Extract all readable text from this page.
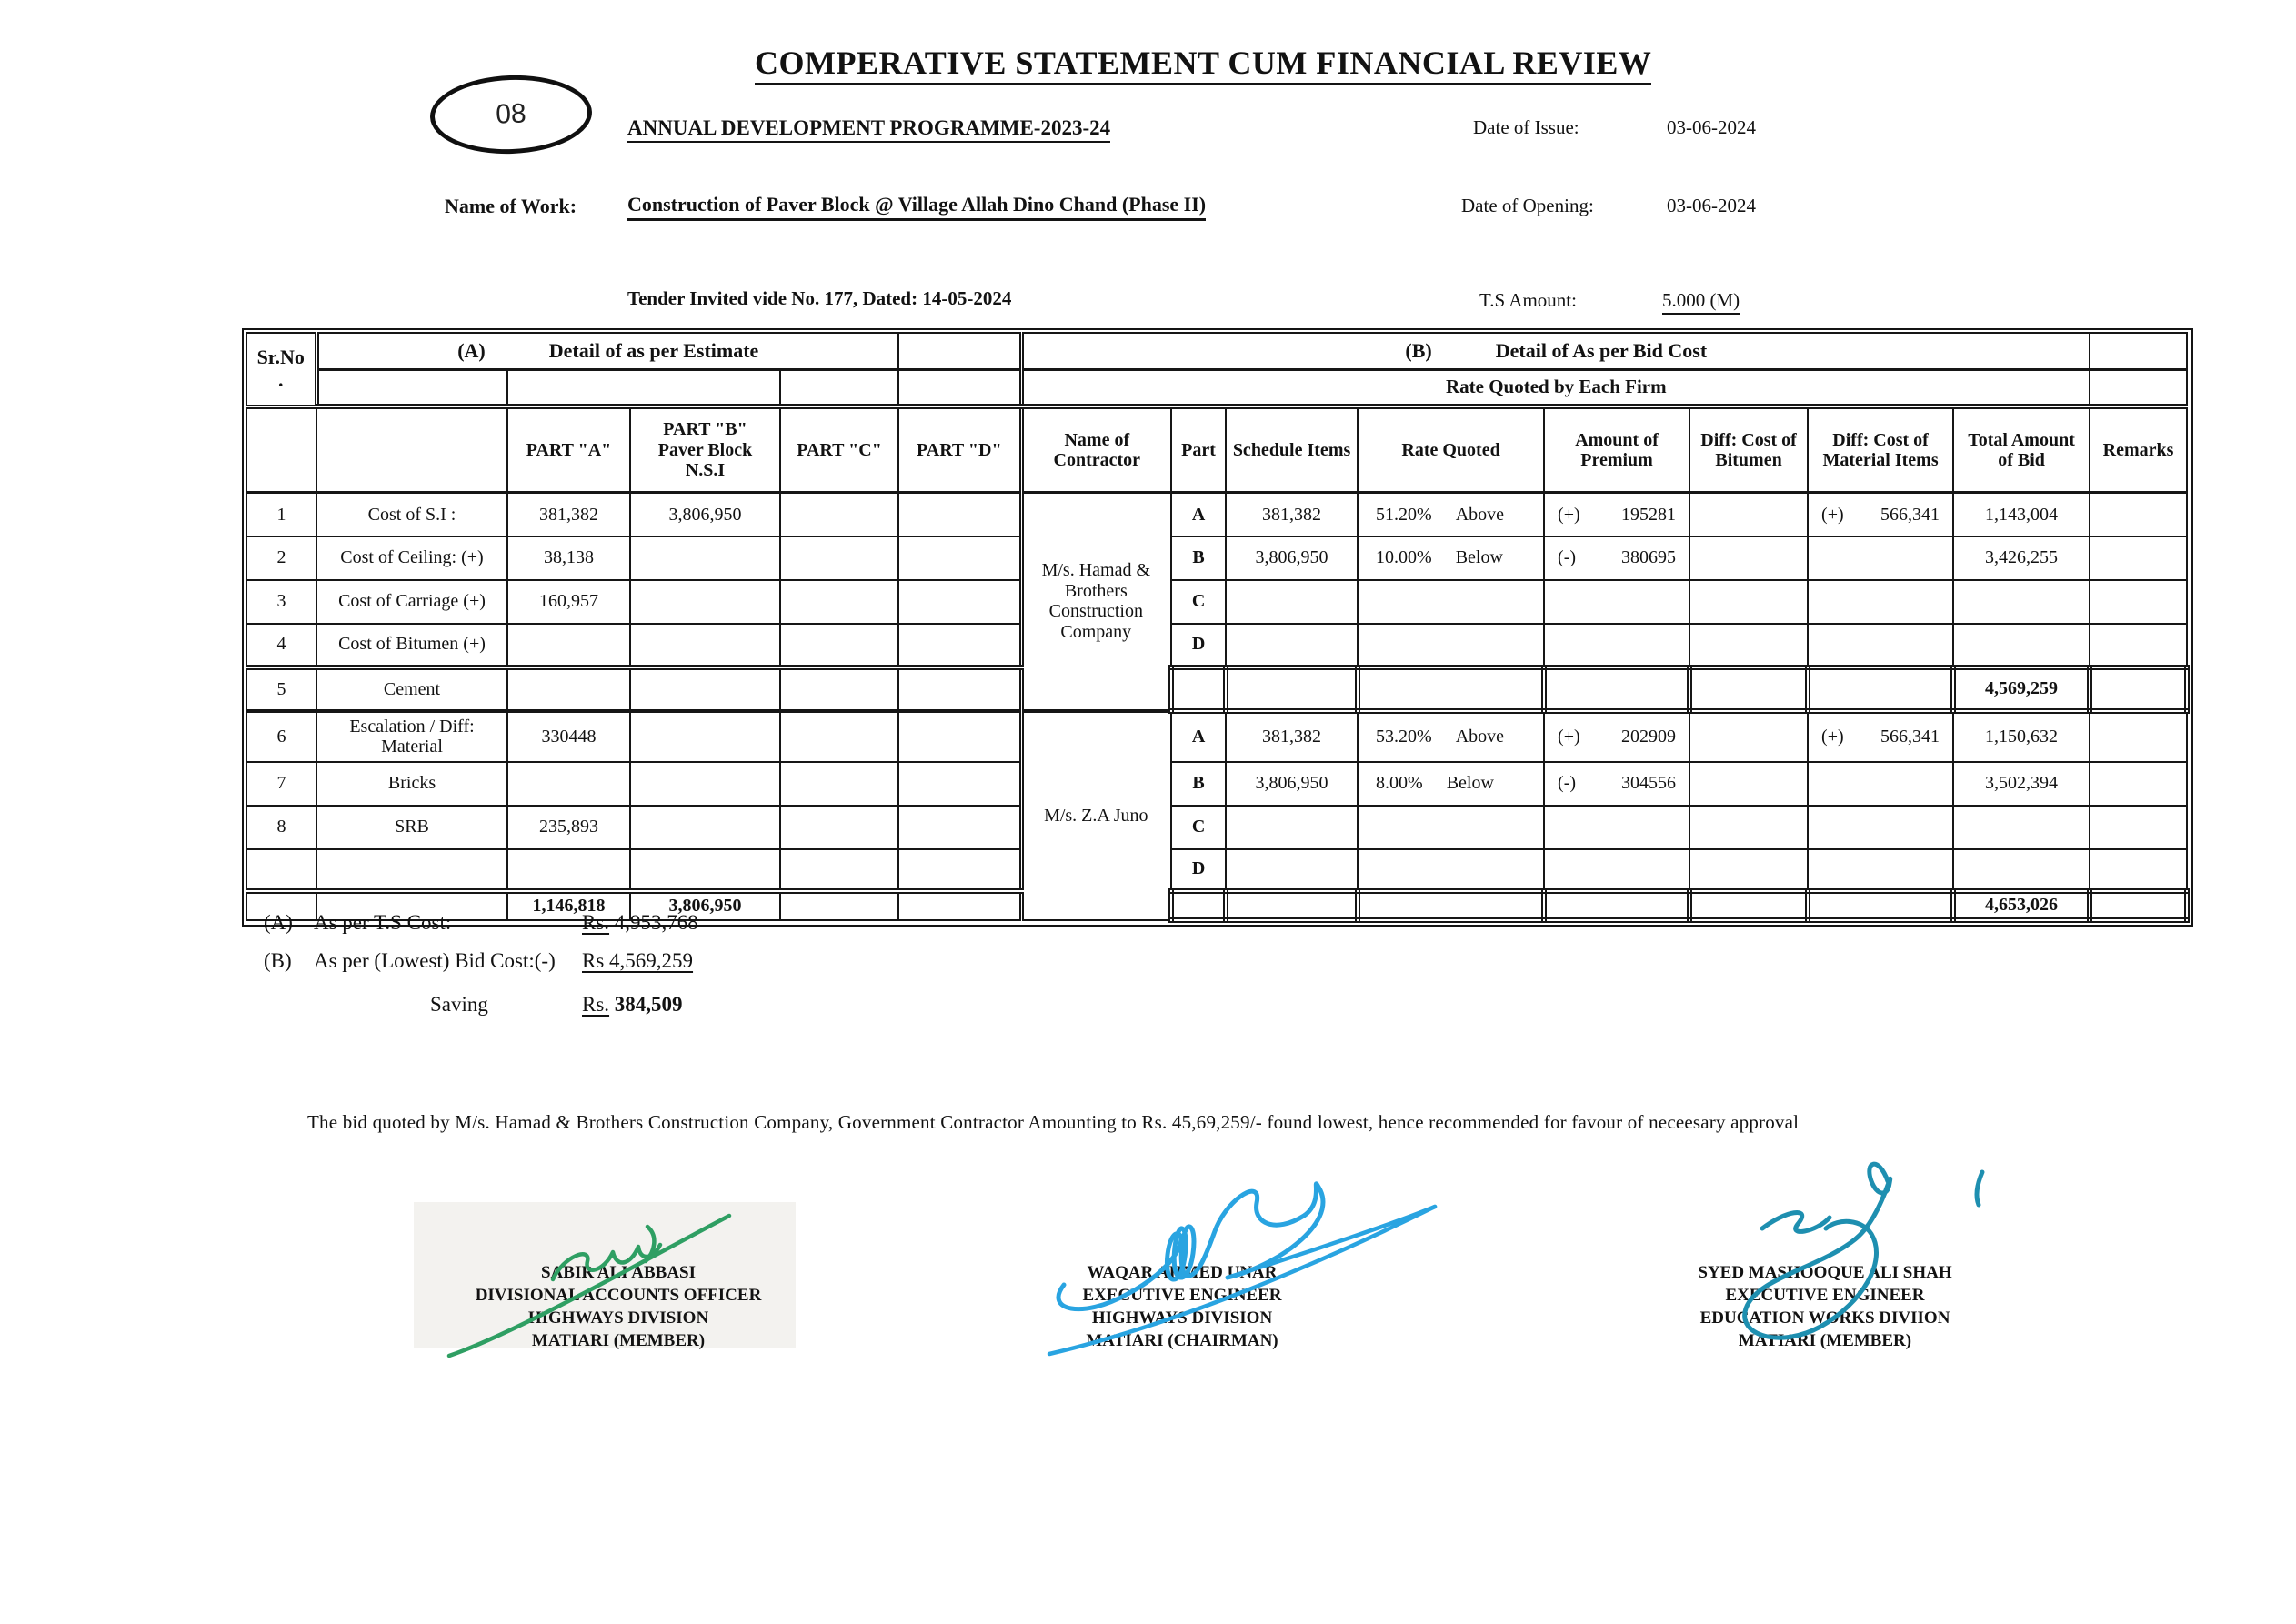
08
COMPERATIVE STATEMENT CUM FINANCIAL REVIEW
ANNUAL DEVELOPMENT PROGRAMME-2023-24	Date of Issue:	03-06-2024
Name of Work:	Construction of Paver Block @ Village Allah Dino Chand (Phase II)	Date of Opening:	03-06-2024
Tender Invited vide No. 177, Dated: 14-05-2024	T.S Amount:	5.000 (M)
Sr.No
.

(A)	Detail of as per Estimate		(B)	Detail of As per Bid Cost

						Rate Quoted by Each Firm								
		PART "A"	PART "B"
Paver Block
N.S.I	PART "C"	PART "D"	Name of Contractor	Part	Schedule Items	Rate Quoted	Amount of Premium	Diff: Cost of Bitumen	Diff: Cost of Material Items	Total Amount of Bid	Remarks
1	Cost of S.I :	381,382	3,806,950			M/s. Hamad & Brothers Construction Company	A	381,382	51.20% Above	(+) 195281		(+) 566,341	1,143,004	
2	Cost of Ceiling: (+)	38,138					B	3,806,950	10.00% Below	(-) 380695			3,426,255	
3	Cost of Carriage (+)	160,957					C							
4	Cost of Bitumen (+)						D							
5	Cement												4,569,259	
6	Escalation / Diff: Material	330448				M/s. Z.A Juno	A	381,382	53.20% Above	(+) 202909		(+) 566,341	1,150,632	
7	Bricks						B	3,806,950	8.00% Below	(-) 304556			3,502,394	
8	SRB	235,893					C							
							D							
		1,146,818	3,806,950										4,653,026	
(A) As per T.S Cost:	Rs. 4,953,768
(B) As per (Lowest) Bid Cost:(-) Rs 4,569,259
Saving	Rs. 384,509
The bid quoted by M/s. Hamad & Brothers Construction Company, Government Contractor Amounting to Rs. 45,69,259/- found lowest, hence recommended for favour of neceesary approval
SABIR ALI ABBASI
DIVISIONAL ACCOUNTS OFFICER
HIGHWAYS DIVISION
MATIARI (MEMBER)
WAQAR AHMED UNAR
EXECUTIVE ENGINEER
HIGHWAYS DIVISION
MATIARI (CHAIRMAN)
SYED MASHOOQUE ALI SHAH
EXECUTIVE ENGINEER
EDUCATION WORKS DIVIION
MATIARI (MEMBER)
